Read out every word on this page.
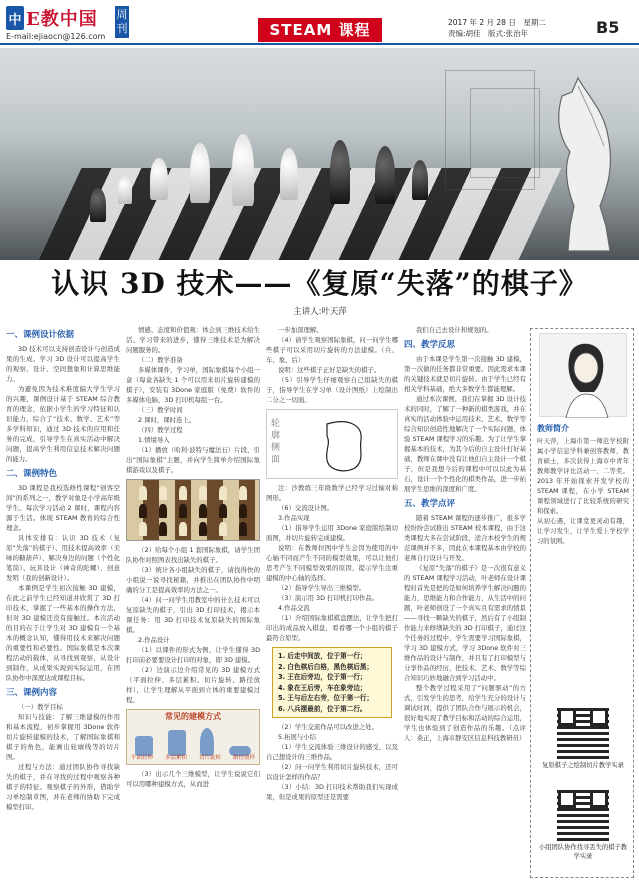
中 E教中国 周刊
E-mail:ejiaocn@126.com	STEAM 课程	2017 年 2 月 28 日　星期二
责编:胡佳　版式:张治年	B5
认识 3D 技术——《复原“失落”的棋子》
主讲人:叶天萍
一、课例设计依据

3D 技术可以支持创造设计与创造成果的生成。学习 3D 设计可以提高学生的观察、设计、空间想象和计算思维能力。

为避免因为技术难度偏大学生学习的兴趣，课例设计基于 STEAM 综合教育的理念，依据小学生的学习特征和认识能力，综合了“技术、数学、艺术”等多学科知识，通过 3D 技术的应用和任务的完成，引导学生在真实活动中解决问题，提高学生利用信息技术解决问题的能力。

二、课例特色

3D 课程是我校选修性课程“创客空间”的系列之一，教学对象是小学高年级学生。每次学习活动 2 课时，课程内容源于生活。体现 STEAM 教育的综合性理念。

具体安排有：认识 3D 技术（复原“失落”的棋子）、用技术提高效率（美味的糖葫芦）、解决身边的问题（个性化笔筒）、玩具设计（神奇的陀螺）、创意发明（我的创新设计）。

本课例是学生初次接触 3D 建模，在此之前学生已经知道并欣赏了 3D 打印技术，掌握了一些基本的操作方法，但对 3D 建模还没有接触过。本次活动的目的在于让学生对 3D 建模有一个基本的概念认知，懂得用技术来解决问题的重要性和必要性。国际象棋是本次课程活动的载体，从寻找到观察，从设计到制作，从成果实现到实际运用，在团队协作中深度达成课程目标。

三、课例内容

（一）教学目标

知识与技能：了解三维建模的作用和基本流程，初步掌握用 3Done 软件切片旋转建模的技术，了解国际象棋和棋子的角色，能画出轮廓线等的切片图。

过程与方法：通过团队协作寻找缺失的棋子，并在寻找的过程中观察各种棋子的特征。观察棋子的外形，借助学习单绘制草图，并在老师的协助下完成模型打印。

情感、态度和价值观：体会到三维技术给生活、学习带来的进步，懂得三维技术是为解决问题服务的。

（二）教学准备

多媒体课件，学习单，国际象棋每个小组一盒（每盒各缺失 1 个可以用来切片旋转建模的棋子），安装有 3Done 家庭版（免费）软件的多媒体电脑，3D 打印机每组一台。

（三）教学时间

2 课时，课时连上。

（四）教学过程

1.情境导入

（1）播放（哈利·波特与魔法石）片段，引出“国际象棋”主题，并向学生简单介绍国际象棋游戏以及棋子。

（2）给每个小组 1 套国际象棋，请学生团队协作对照图表找出缺失的棋子。

（3）统计各小组缺失的棋子，请找得快的小组说一说寻找秘籍，并推出在团队协作中明确的分工是提高效率的方法之一。

（4）问一问学生用教室中的什么技术可以复原缺失的棋子，引出 3D 打印技术，揭示本课任务：用 3D 打印技术复原缺失的国际象棋。

2.作品设计

（1）以课件的形式为例，让学生懂得 3D 打印前必要要设计打印的对象，即 3D 建模。

（2）边演示边介绍常见的 3D 建模方式（平面拉伸、多层累积、切片旋转、路径放样），让学生理解从平面到立体的重要建模过程。

常见的建模方式
平面拉伸 多层累积 切片旋转 路径放样

（3）出示几个三维模型，让学生说说它们可以用哪种建模方式，从而进

一步加深理解。

（4）请学生观察国际象棋，问一问学生哪些棋子可以采用切片旋转的方法建模。（兵、车、象、后）

说明：这些棋子正好是缺失的棋子。

（5）引导学生仔细观察自己组缺失的棋子，指导学生在学习单（设计图纸）上绘制出二分之一切面。

轮廓侧面

注：沙教练三年级数学已经学习过轴对称图形。

（6）交流设计图。

3.作品实现

（1）指导学生运用 3Done 家庭版绘制切面图，并切片旋转完成建模。

说明：在教师拉图中学生会因为使用的中心轴不同而产生不同的模型效果，可以让他们思考产生不同模型效果的原因，提示学生注重建模的中心轴的选择。

（2）指导学生导出三维模型。

（3）演示用 3D 打印机打印作品。

4.作品交流

（1）介绍国际象棋棋盘摆法，让学生把打印出的成品放入棋盘，看看哪一个小组的棋子最符合原型。

1. 后走中间放，位于第一行；
2. 白色棋后白格，黑色棋后黑；
3. 王在后旁边，位于第一行；
4. 象在王后旁，车在象旁边；
5. 王与后左右旁，位于第一行；
6. 八兵摆最前，位于第二行。

（2）学生交流作品可以改进之处。

5.拓展与小结

（1）学生交流体验三维设计的感受，以及自己想设计的三维作品。

（2）问一问学生利用切片旋转技术，还可以设计怎样的作品？

（3）小结：3D 打印技术帮助我们实现成果，但是成果的原型还是需要

我们自己去设计和规划的。

四、教学反思

由于本课是学生第一次接触 3D 建模，第一次做的任务都非常重要。因此需求本课的关键技术就是切片旋转。由于学生已经有相关学科基础，绝大多数学生都能理解。

通过本次课例，我们在掌握 3D 设计技术的同时，了解了一种新的棋类游戏，并在真实的活动体验中运用技术、艺术、数学等综合知识创造性地解决了一个实际问题，体验 STEAM 课程学习的乐趣。为了让学生掌握基本的技术，为其今后的自主设计打好基础，教师在课中没有让他们自主设计一个棋子，但是我想今后的课程中可以以此为基石，设计一个个性化的棋类作品，进一步拓展学生思维的深度和广度。

五、教学点评

随着 STEAM 课程的逐步推广，很多学校纷纷尝试推出 STEAM 校本课程，由于这类课程大多在尝试阶段，适合本校学生的规范课例并不多，因此在本课程基本由学校的老师自行设计与开发。

《复原“失落”的棋子》是一次很有意义的 STEAM 课程学习活动，叶老师在设计课程时首先是把的是如何培养学生解决问题的能力，思维能力和合作能力，从生活中的问题，叶老师创设了一个真实且有需求的情景——寻找一颗缺失的棋子，然后有了小组制作能力来修缮缺失的 3D 打印棋子，通过这个任务的过程中，学生需要学习国际象棋，学习 3D 建模方式，学习 3Done 软件对三维作品的设计与制作，并且有了打印模型与分享作品的经历，把技术、艺术、数学等综合知识巧妙地融合到学习活动中。

整个教学过程采用了“问题驱动”的方式，引发学生的思考，给学生充分的设计与调试时间，提供了团队合作与展示的机会，很好地实现了教学目标和活动的综合运用，学生也体验到了创造作品的乐趣。（点评人：桑正，上海市静安区信息科技教研员）

教师简介
叶天萍，上海市第一师范学校附属小学信息学科兼创客教师，教育硕士，多次获得上海市中青年教师教学评比活动一、二等奖。2013 年开始探索开发学校的 STEAM 课程，在小学 STEAM 课程领域进行了比较系统的研究和探索。
从初心遇，让课堂更灵动有趣，让学习发生，让学生爱上学校学习的氛围。
复原棋子之绘制切片教学实录
小组团队协作找寻丢失的棋子教学实录
